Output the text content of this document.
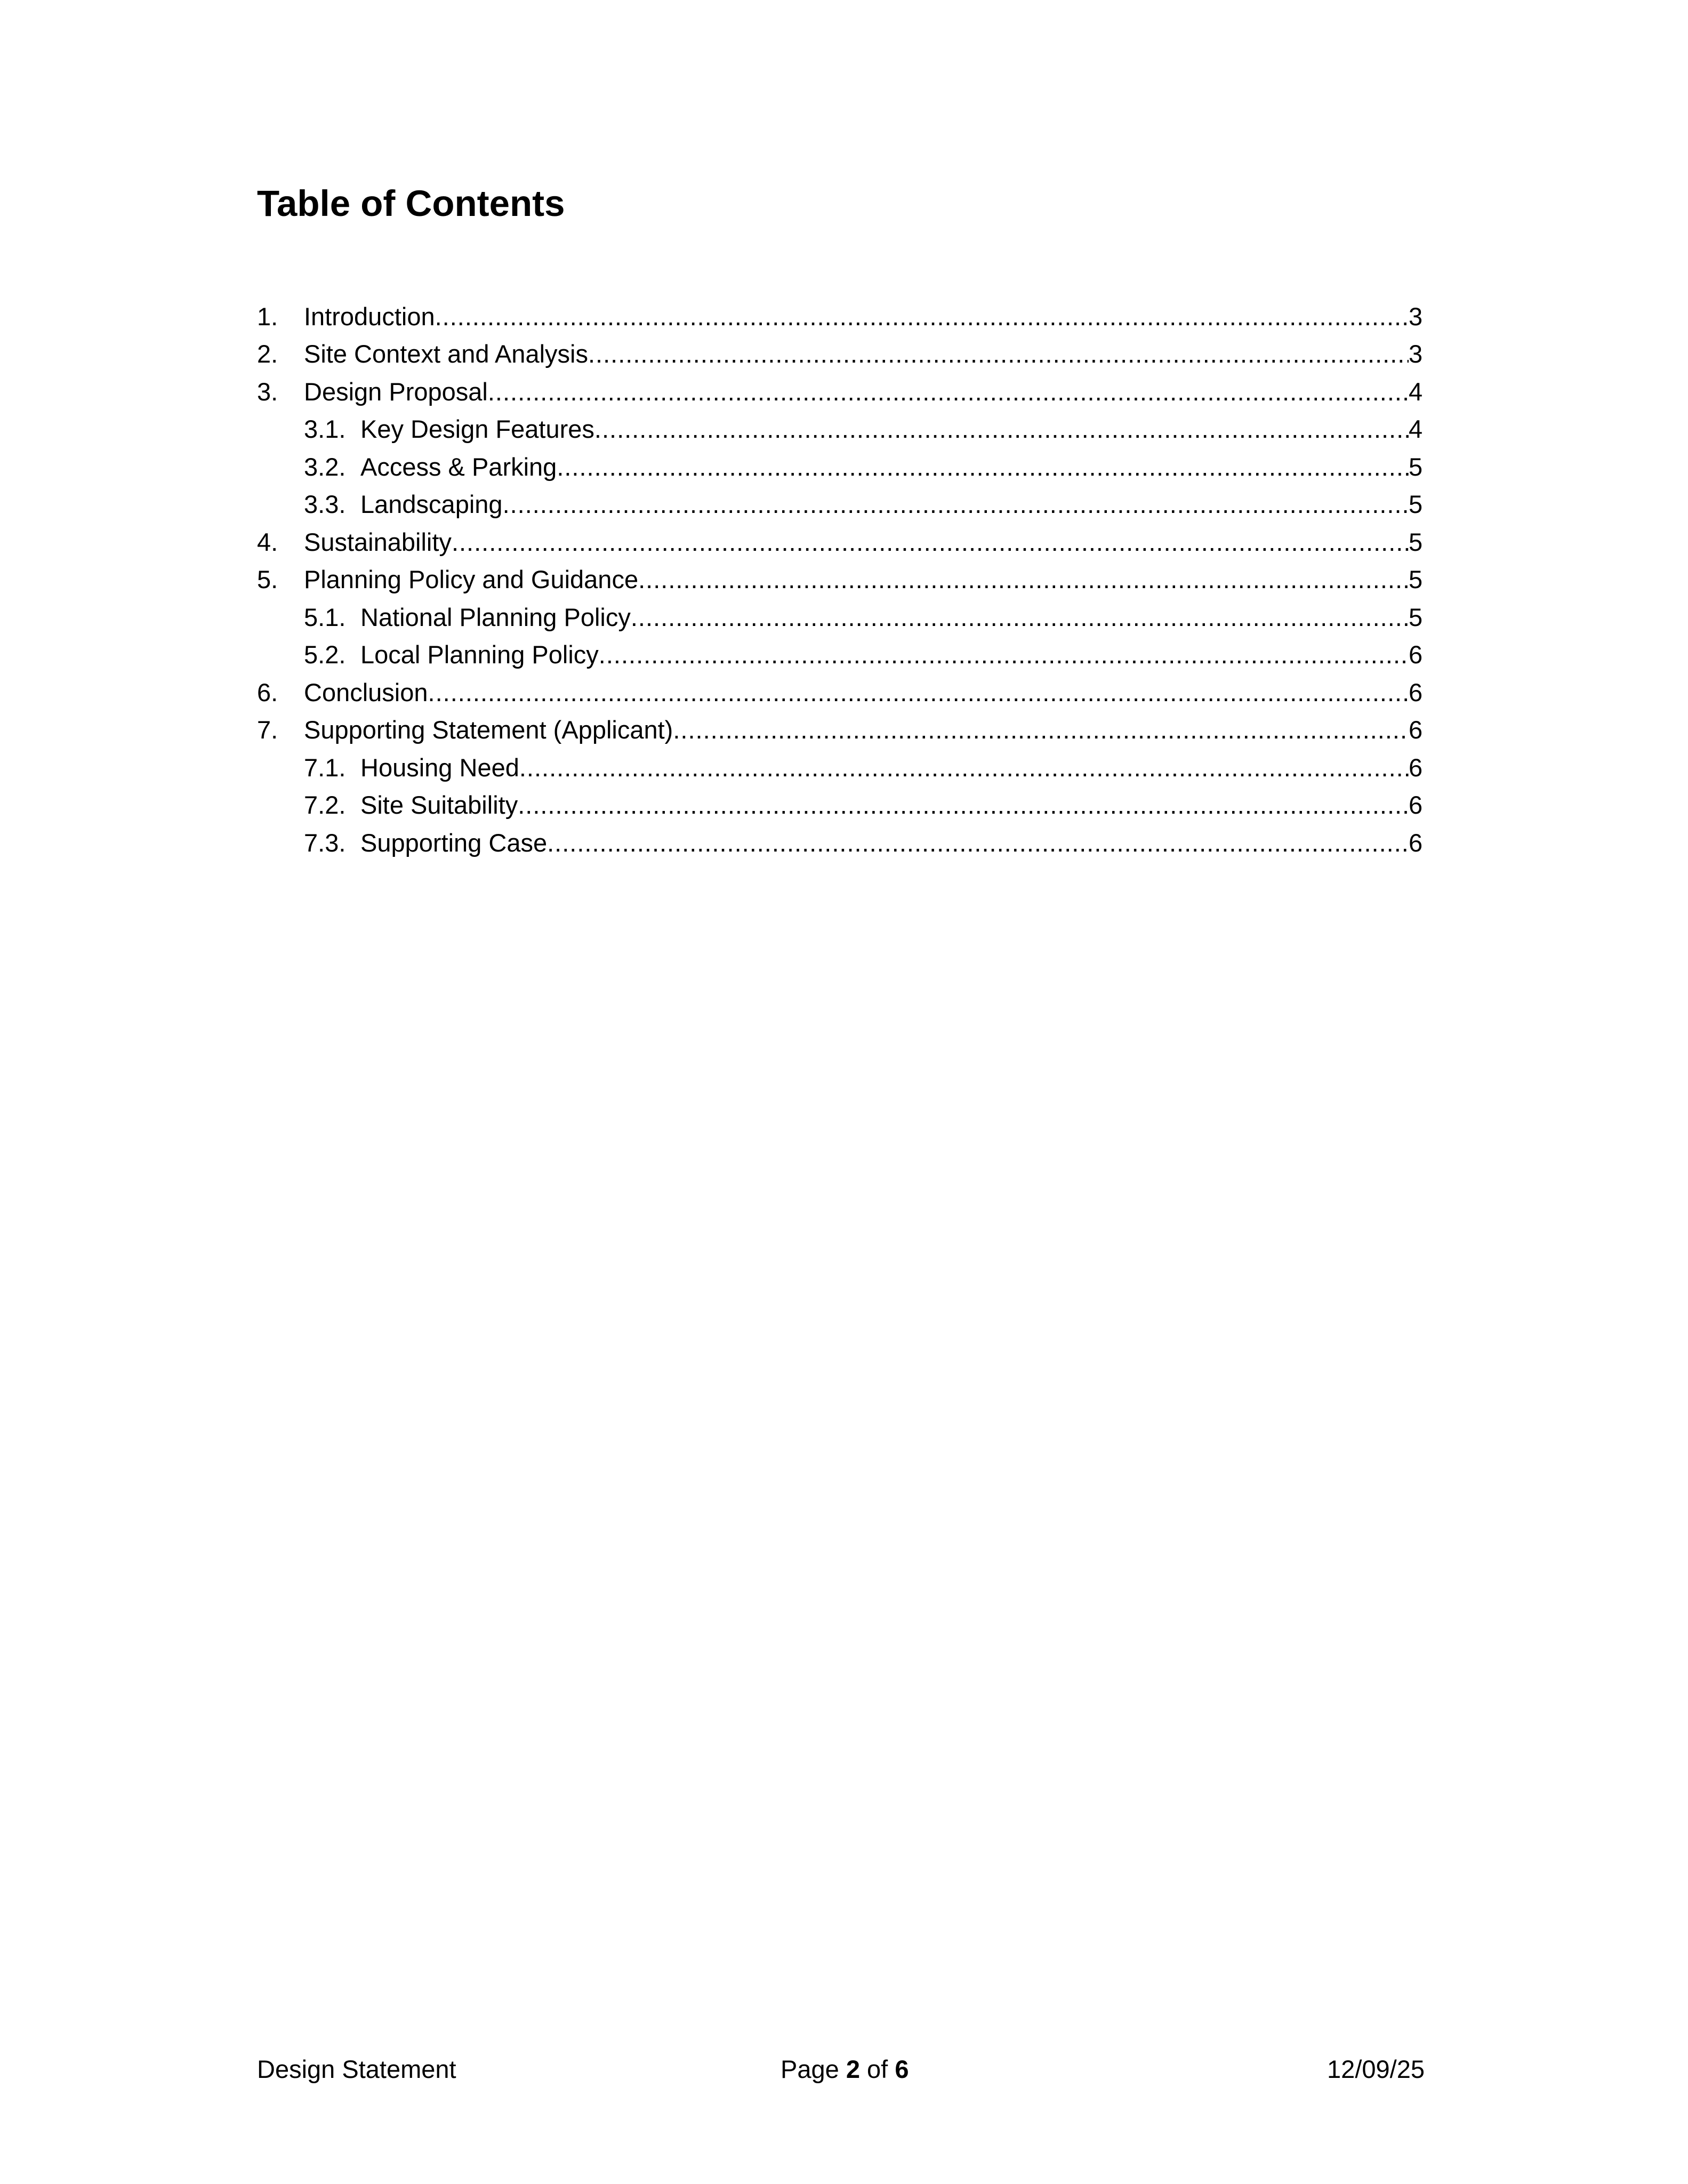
Table of Contents
1.	Introduction .....	3
2.	Site Context and Analysis .....	3
3.	Design Proposal .....	4
3.1. Key Design Features .....	4
3.2. Access & Parking .....	5
3.3. Landscaping .....	5
4.	Sustainability .....	5
5.	Planning Policy and Guidance .....	5
5.1. National Planning Policy .....	5
5.2. Local Planning Policy .....	6
6.	Conclusion .....	6
7.	Supporting Statement (Applicant) .....	6
7.1. Housing Need .....	6
7.2. Site Suitability .....	6
7.3. Supporting Case .....	6
Design Statement	Page 2 of 6	12/09/25
